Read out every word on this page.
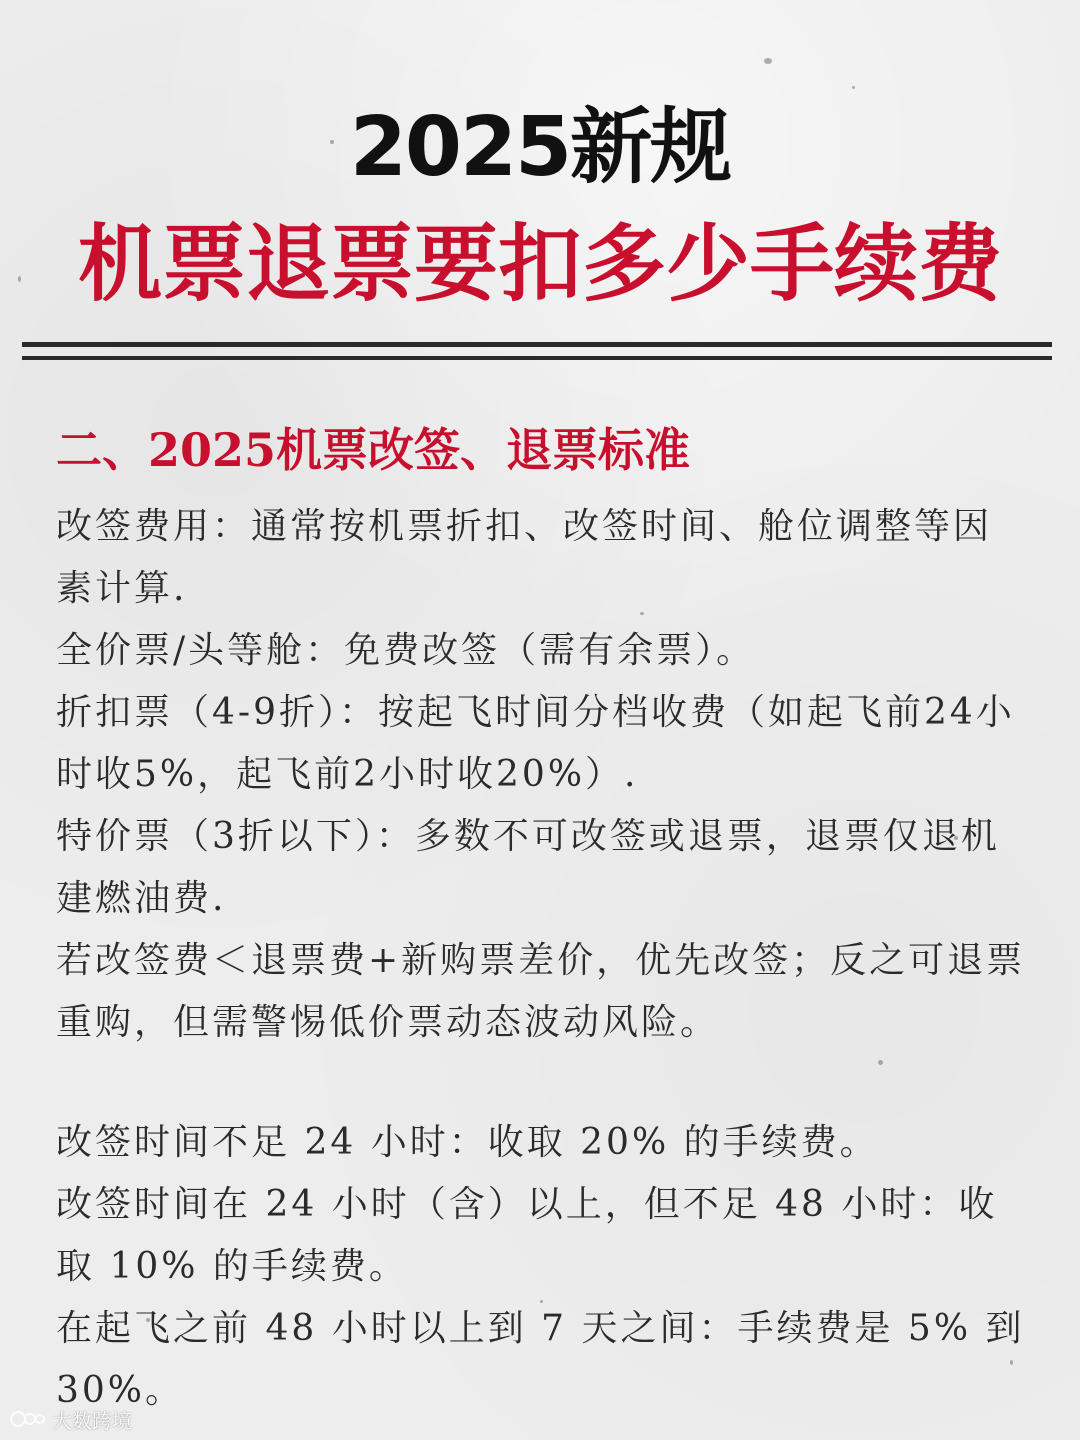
2025新规
机票退票要扣多少手续费
二、2025机票改签、退票标准

改签费用：通常按机票折扣、改签时间、舱位调整等因素计算.

全价票/头等舱：免费改签（需有余票）。

折扣票（4-9折）：按起飞时间分档收费（如起飞前24小时收5%，起飞前2小时收20%）.

特价票（3折以下）：多数不可改签或退票，退票仅退机建燃油费.

若改签费＜退票费+新购票差价，优先改签；反之可退票重购，但需警惕低价票动态波动风险。

改签时间不足 24 小时：收取 20% 的手续费。

改签时间在 24 小时（含）以上，但不足 48 小时：收取 10% 的手续费。

在起飞之前 48 小时以上到 7 天之间：手续费是 5% 到 30%。

大数跨境
